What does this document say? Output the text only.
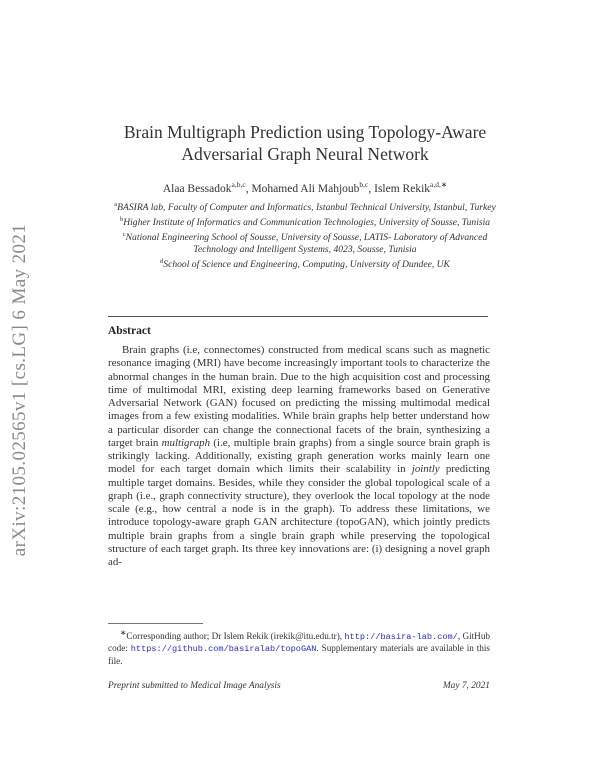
arXiv:2105.02565v1 [cs.LG] 6 May 2021
Brain Multigraph Prediction using Topology-Aware
Adversarial Graph Neural Network
Alaa Bessadok$^{a,b,c}$, Mohamed Ali Mahjoub$^{b,c}$, Islem Rekik$^{a,d,∗}$

$^a$BASIRA lab, Faculty of Computer and Informatics, Istanbul Technical University, Istanbul, Turkey

$^b$Higher Institute of Informatics and Communication Technologies, University of Sousse, Tunisia

$^c$National Engineering School of Sousse, University of Sousse, LATIS- Laboratory of Advanced Technology and Intelligent Systems, 4023, Sousse, Tunisia

$^d$School of Science and Engineering, Computing, University of Dundee, UK

Abstract

Brain graphs (i.e, connectomes) constructed from medical scans such as magnetic resonance imaging (MRI) have become increasingly important tools to characterize the abnormal changes in the human brain. Due to the high acquisition cost and processing time of multimodal MRI, existing deep learning frameworks based on Generative Adversarial Network (GAN) focused on predicting the missing multimodal medical images from a few existing modalities. While brain graphs help better understand how a particular disorder can change the connectional facets of the brain, synthesizing a target brain multigraph (i.e, multiple brain graphs) from a single source brain graph is strikingly lacking. Additionally, existing graph generation works mainly learn one model for each target domain which limits their scalability in jointly predicting multiple target domains. Besides, while they consider the global topological scale of a graph (i.e., graph connectivity structure), they overlook the local topology at the node scale (e.g., how central a node is in the graph). To address these limitations, we introduce topology-aware graph GAN architecture (topoGAN), which jointly predicts multiple brain graphs from a single brain graph while preserving the topological structure of each target graph. Its three key innovations are: (i) designing a novel graph ad-

∗Corresponding author; Dr Islem Rekik (irekik@itu.edu.tr), http://basira-lab.com/, GitHub code: https://github.com/basiralab/topoGAN. Supplementary materials are available in this file.

Preprint submitted to Medical Image Analysis	May 7, 2021
